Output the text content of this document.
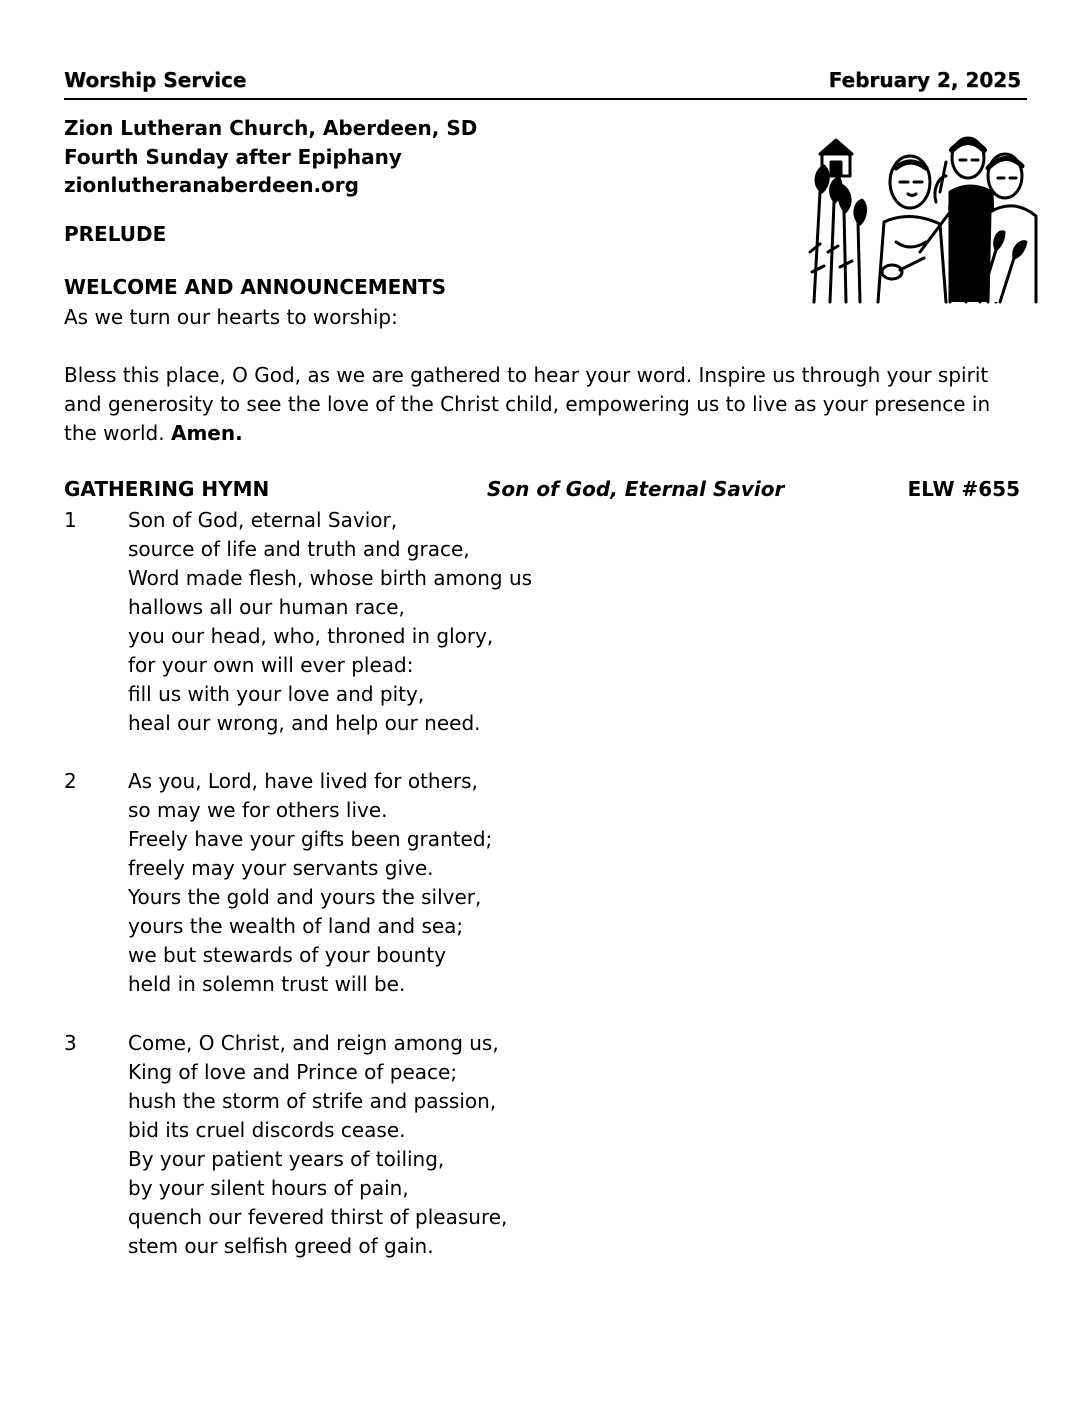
Worship Service	February 2, 2025
Zion Lutheran Church, Aberdeen, SD
Fourth Sunday after Epiphany
zionlutheranaberdeen.org
PRELUDE
WELCOME AND ANNOUNCEMENTS
As we turn our hearts to worship:
Bless this place, O God, as we are gathered to hear your word. Inspire us through your spirit and generosity to see the love of the Christ child, empowering us to live as your presence in the world. Amen.
GATHERING HYMN	Son of God, Eternal Savior	ELW #655
1	Son of God, eternal Savior,
source of life and truth and grace,
Word made flesh, whose birth among us
hallows all our human race,
you our head, who, throned in glory,
for your own will ever plead:
fill us with your love and pity,
heal our wrong, and help our need.
2	As you, Lord, have lived for others,
so may we for others live.
Freely have your gifts been granted;
freely may your servants give.
Yours the gold and yours the silver,
yours the wealth of land and sea;
we but stewards of your bounty
held in solemn trust will be.
3	Come, O Christ, and reign among us,
King of love and Prince of peace;
hush the storm of strife and passion,
bid its cruel discords cease.
By your patient years of toiling,
by your silent hours of pain,
quench our fevered thirst of pleasure,
stem our selfish greed of gain.
